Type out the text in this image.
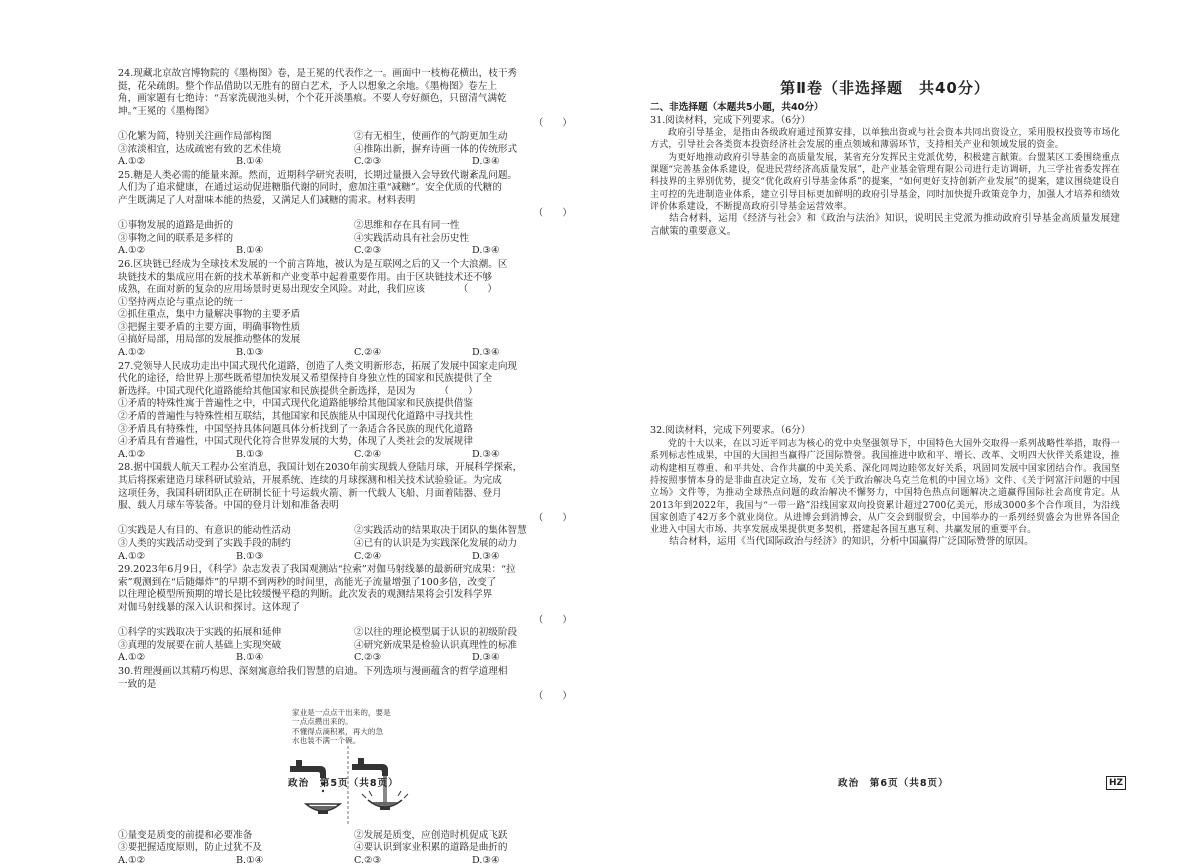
24.现藏北京故宫博物院的《墨梅图》卷，是王冕的代表作之一。画面中一枝梅花横出，枝干秀

挺，花朵疏朗。整个作品借助以无胜有的留白艺术，予人以想象之余地。《墨梅图》卷左上

角，画家题有七绝诗：“吾家洗砚池头树，个个花开淡墨痕。不要人夸好颜色，只留清气满乾

坤。”王冕的《墨梅图》

（　　）

①化繁为简，特别关注画作局部构图	②有无相生，使画作的气韵更加生动
③浓淡相宜，达成疏密有致的艺术佳境	④推陈出新，摒弃诗画一体的传统形式
A.①②	B.①④	C.②③	D.③④

25.糖是人类必需的能量来源。然而，近期科学研究表明，长期过量摄入会导致代谢紊乱问题。

人们为了追求健康，在通过运动促进糖脂代谢的同时，愈加注重“减糖”。安全优质的代糖的

产生既满足了人对甜味本能的热爱，又满足人们减糖的需求。材料表明

（　　）

①事物发展的道路是曲折的	②思维和存在具有同一性
③事物之间的联系是多样的	④实践活动具有社会历史性
A.①②	B.①④	C.②③	D.③④

26.区块链已经成为全球技术发展的一个前言阵地，被认为是互联网之后的又一个大浪潮。区

块链技术的集成应用在新的技术革新和产业变革中起着重要作用。由于区块链技术还不够

成熟，在面对新的复杂的应用场景时更易出现安全风险。对此，我们应该　　　　（　　）

①坚持两点论与重点论的统一
②抓住重点，集中力量解决事物的主要矛盾
③把握主要矛盾的主要方面，明确事物性质
④搞好局部，用局部的发展推动整体的发展
A.①②	B.①③	C.②④	D.③④

27.党领导人民成功走出中国式现代化道路，创造了人类文明新形态，拓展了发展中国家走向现

代化的途径，给世界上那些既希望加快发展又希望保持自身独立性的国家和民族提供了全

新选择。中国式现代化道路能给其他国家和民族提供全新选择，是因为　　　（　　）

①矛盾的特殊性寓于普遍性之中，中国式现代化道路能够给其他国家和民族提供借鉴
②矛盾的普遍性与特殊性相互联结，其他国家和民族能从中国现代化道路中寻找共性
③矛盾具有特殊性，中国坚持具体问题具体分析找到了一条适合各民族的现代化道路
④矛盾具有普遍性，中国式现代化符合世界发展的大势，体现了人类社会的发展规律
A.①②	B.①③	C.②④	D.③④

28.据中国载人航天工程办公室消息，我国计划在2030年前实现载人登陆月球，开展科学探索，

其后将探索建造月球科研试验站，开展系统、连续的月球探测和相关技术试验验证。为完成

这项任务，我国科研团队正在研制长征十号运载火箭、新一代载人飞船、月面着陆器、登月

服、载人月球车等装备。中国的登月计划和准备表明

（　　）

①实践是人有目的、有意识的能动性活动	②实践活动的结果取决于团队的集体智慧
③人类的实践活动受到了实践手段的制约	④已有的认识是为实践深化发展的动力
A.①②	B.①③	C.②④	D.③④

29.2023年6月9日，《科学》杂志发表了我国观测站“拉索”对伽马射线暴的最新研究成果：“拉

索”观测到在“后随爆炸”的早期不到两秒的时间里，高能光子流量增强了100多倍，改变了

以往理论模型所预期的增长是比较缓慢平稳的判断。此次发表的观测结果将会引发科学界

对伽马射线暴的深入认识和探讨。这体现了

（　　）

①科学的实践取决于实践的拓展和延伸	②以往的理论模型属于认识的初级阶段
③真理的发展要在前人基础上实现突破	④研究新成果是检验认识真理性的标准
A.①②	B.①④	C.②③	D.③④

30.哲理漫画以其精巧构思、深刻寓意给我们智慧的启迪。下列选项与漫画蕴含的哲学道理相

一致的是

（　　）

家业是一点点干出来的，要是
一点点攒出来的。
不懂得点滴积累，再大的急
水也装不满一个碗。
①量变是质变的前提和必要准备	②发展是质变，应创造时机促成飞跃
③要把握适度原则，防止过犹不及	④要认识到家业积累的道路是曲折的
A.①②	B.①④	C.②③	D.③④
第Ⅱ卷（非选择题　共40分）
二、非选择题（本题共5小题，共40分）

31.阅读材料，完成下列要求。（6分）

政府引导基金，是指由各级政府通过预算安排，以单独出资或与社会资本共同出资设立，采用股权投资等市场化方式，引导社会各类资本投资经济社会发展的重点领域和薄弱环节，支持相关产业和领域发展的资金。

为更好地推动政府引导基金的高质量发展，某省充分发挥民主党派优势，积极建言献策。台盟某区工委围绕重点课题“完善基金体系建设，促进民营经济高质量发展”，赴产业基金管理有限公司进行走访调研，九三学社省委发挥在科技界的主界别优势，提交“优化政府引导基金体系”的提案，“如何更好支持创新产业发展”的提案，建议围绕建设自主可控的先进制造业体系，建立引导目标更加鲜明的政府引导基金，同时加快提升政策竞争力，加强人才培养和绩效评价体系建设，不断提高政府引导基金运营效率。

结合材料，运用《经济与社会》和《政治与法治》知识，说明民主党派为推动政府引导基金高质量发展建言献策的重要意义。

32.阅读材料，完成下列要求。（6分）

党的十大以来，在以习近平同志为核心的党中央坚强领导下，中国特色大国外交取得一系列战略性举措，取得一系列标志性成果，中国的大国担当赢得广泛国际赞誉。我国推进中欧和平、增长、改革、文明四大伙伴关系建设，推动构建相互尊重、和平共处、合作共赢的中美关系、深化同周边睦邻友好关系，巩固同发展中国家团结合作。我国坚持按照事情本身的是非曲直决定立场，发布《关于政治解决乌克兰危机的中国立场》文件、《关于阿富汗问题的中国立场》文件等，为推动全球热点问题的政治解决不懈努力，中国特色热点问题解决之道赢得国际社会高度肯定。从2013年到2022年，我国与“一带一路”沿线国家双向投资累计超过2700亿美元，形成3000多个合作项目，为沿线国家创造了42万多个就业岗位。从进博会到消博会，从广交会到服贸会，中国举办的一系列经贸盛会为世界各国企业进入中国大市场、共享发展成果提供更多契机，搭建起各国互惠互利、共赢发展的重要平台。

结合材料，运用《当代国际政治与经济》的知识，分析中国赢得广泛国际赞誉的原因。

政治　第5页（共8页）	政治　第6页（共8页）	HZ
